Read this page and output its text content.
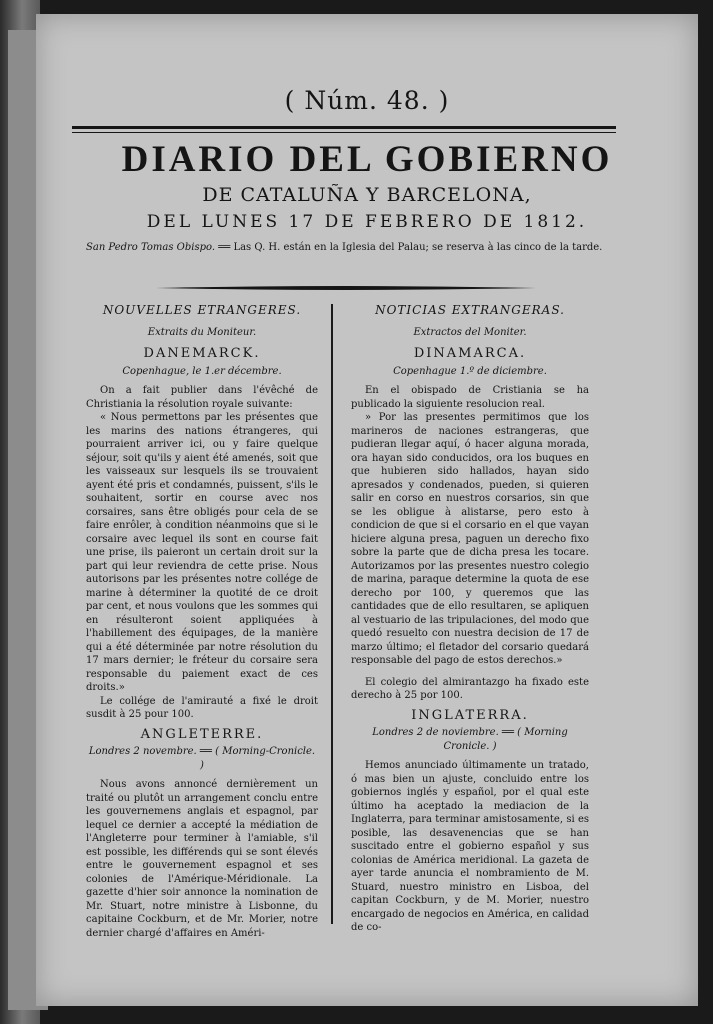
( Núm. 48. )
DIARIO DEL GOBIERNO
DE CATALUÑA Y BARCELONA,
DEL LUNES 17 DE FEBRERO DE 1812.
San Pedro Tomas Obispo. ══ Las Q. H. están en la Iglesia del Palau; se reserva à las cinco de la tarde.
NOUVELLES ETRANGERES.
Extraits du Moniteur.
DANEMARCK.
Copenhague, le 1.er décembre.

On a fait publier dans l'évêché de Christiania la résolution royale suivante:

« Nous permettons par les présentes que les marins des nations étrangeres, qui pourraient arriver ici, ou y faire quelque séjour, soit qu'ils y aient été amenés, soit que les vaisseaux sur lesquels ils se trouvaient ayent été pris et condamnés, puissent, s'ils le souhaitent, sortir en course avec nos corsaires, sans être obligés pour cela de se faire enrôler, à condition néanmoins que si le corsaire avec lequel ils sont en course fait une prise, ils paieront un certain droit sur la part qui leur reviendra de cette prise. Nous autorisons par les présentes notre collége de marine à déterminer la quotité de ce droit par cent, et nous voulons que les sommes qui en résulteront soient appliquées à l'habillement des équipages, de la manière qui a été déterminée par notre résolution du 17 mars dernier; le fréteur du corsaire sera responsable du paiement exact de ces droits.»

Le collége de l'amirauté a fixé le droit susdit à 25 pour 100.

ANGLETERRE.
Londres 2 novembre. ══ ( Morning-Cronicle. )

Nous avons annoncé dernièrement un traité ou plutôt un arrangement conclu entre les gouvernemens anglais et espagnol, par lequel ce dernier a accepté la médiation de l'Angleterre pour terminer à l'amiable, s'il est possible, les différends qui se sont élevés entre le gouvernement espagnol et ses colonies de l'Amérique-Méridionale. La gazette d'hier soir annonce la nomination de Mr. Stuart, notre ministre à Lisbonne, du capitaine Cockburn, et de Mr. Morier, notre dernier chargé d'affaires en Améri-

NOTICIAS EXTRANGERAS.
Extractos del Moniter.
DINAMARCA.
Copenhague 1.º de diciembre.

En el obispado de Cristiania se ha publicado la siguiente resolucion real.

» Por las presentes permitimos que los marineros de naciones estrangeras, que pudieran llegar aquí, ó hacer alguna morada, ora hayan sido conducidos, ora los buques en que hubieren sido hallados, hayan sido apresados y condenados, pueden, si quieren salir en corso en nuestros corsarios, sin que se les obligue à alistarse, pero esto à condicion de que si el corsario en el que vayan hiciere alguna presa, paguen un derecho fixo sobre la parte que de dicha presa les tocare. Autorizamos por las presentes nuestro colegio de marina, paraque determine la quota de ese derecho por 100, y queremos que las cantidades que de ello resultaren, se apliquen al vestuario de las tripulaciones, del modo que quedó resuelto con nuestra decision de 17 de marzo último; el fletador del corsario quedará responsable del pago de estos derechos.»

El colegio del almirantazgo ha fixado este derecho à 25 por 100.

INGLATERRA.
Londres 2 de noviembre. ══ ( Morning Cronicle. )

Hemos anunciado últimamente un tratado, ó mas bien un ajuste, concluido entre los gobiernos inglés y español, por el qual este último ha aceptado la mediacion de la Inglaterra, para terminar amistosamente, si es posible, las desavenencias que se han suscitado entre el gobierno español y sus colonias de América meridional. La gazeta de ayer tarde anuncia el nombramiento de M. Stuard, nuestro ministro en Lisboa, del capitan Cockburn, y de M. Morier, nuestro encargado de negocios en América, en calidad de co-
